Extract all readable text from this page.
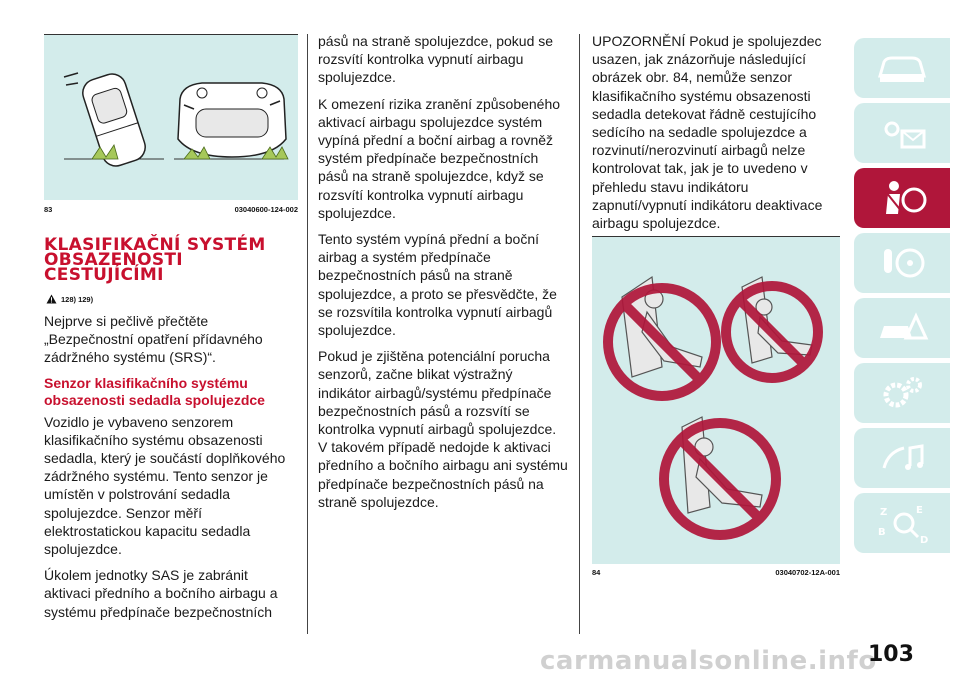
83	03040600-124-002
KLASIFIKAČNÍ SYSTÉM
OBSAZENOSTI
CESTUJÍCÍMI
128) 129)

Nejprve si pečlivě přečtěte „Bezpečnostní opatření přídavného zádržného systému (SRS)“.

Senzor klasifikačního systému obsazenosti sedadla spolujezdce

Vozidlo je vybaveno senzorem klasifikačního systému obsazenosti sedadla, který je součástí doplňkového zádržného systému. Tento senzor je umístěn v polstrování sedadla spolujezdce. Senzor měří elektrostatickou kapacitu sedadla spolujezdce.

Úkolem jednotky SAS je zabránit aktivaci předního a bočního airbagu a systému předpínače bezpečnostních

pásů na straně spolujezdce, pokud se rozsvítí kontrolka vypnutí airbagu spolujezdce.

K omezení rizika zranění způsobeného aktivací airbagu spolujezdce systém vypíná přední a boční airbag a rovněž systém předpínače bezpečnostních pásů na straně spolujezdce, když se rozsvítí kontrolka vypnutí airbagu spolujezdce.

Tento systém vypíná přední a boční airbag a systém předpínače bezpečnostních pásů na straně spolujezdce, a proto se přesvědčte, že se rozsvítila kontrolka vypnutí airbagů spolujezdce.

Pokud je zjištěna potenciální porucha senzorů, začne blikat výstražný indikátor airbagů/systému předpínače bezpečnostních pásů a rozsvítí se kontrolka vypnutí airbagů spolujezdce. V takovém případě nedojde k aktivaci předního a bočního airbagu ani systému předpínače bezpečnostních pásů na straně spolujezdce.

UPOZORNĚNÍ Pokud je spolujezdec usazen, jak znázorňuje následující obrázek obr. 84, nemůže senzor klasifikačního systému obsazenosti sedadla detekovat řádně cestujícího sedícího na sedadle spolujezdce a rozvinutí/nerozvinutí airbagů nelze kontrolovat tak, jak je to uvedeno v přehledu stavu indikátoru zapnutí/vypnutí indikátoru deaktivace airbagu spolujezdce.

84	03040702-12A-001
Z	E
B
D
carmanualsonline.info
103
